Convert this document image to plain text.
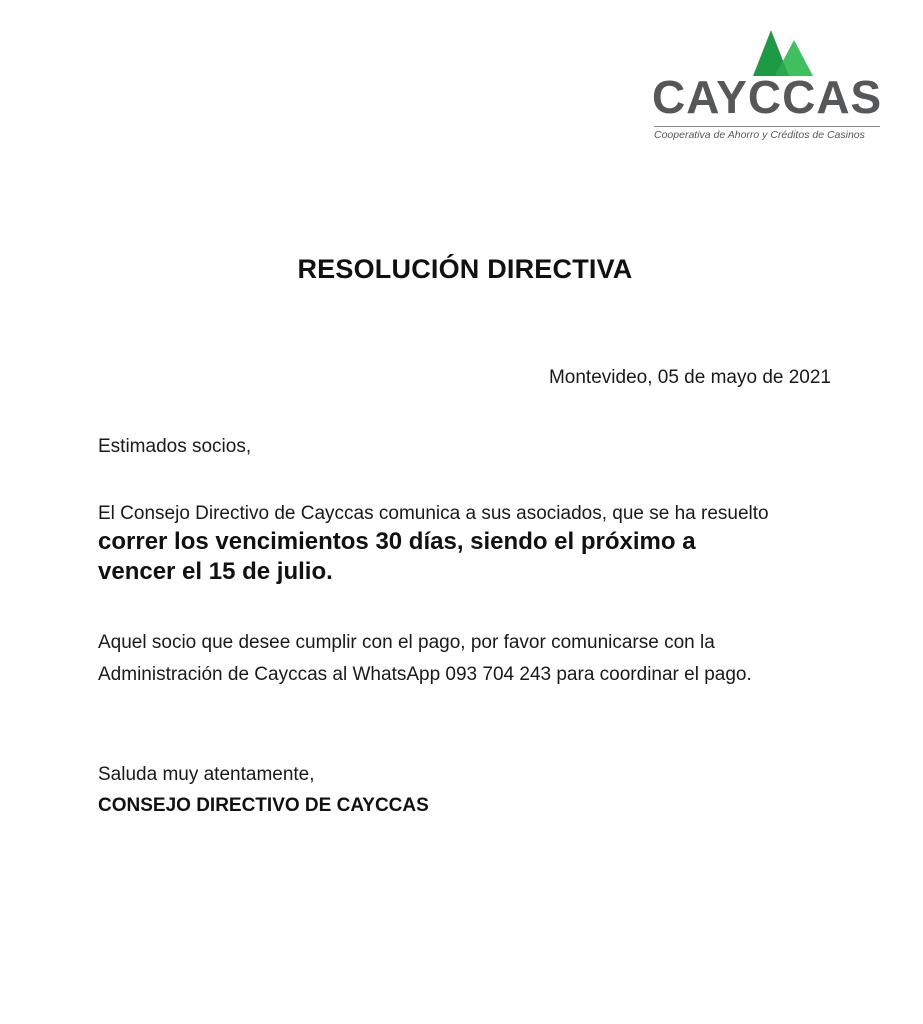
CAYCCAS
Cooperativa de Ahorro y Créditos de Casinos
RESOLUCIÓN DIRECTIVA
Montevideo, 05 de mayo de 2021

Estimados socios,

El Consejo Directivo de Cayccas comunica a sus asociados, que se ha resuelto

correr los vencimientos 30 días, siendo el próximo a
vencer el 15 de julio.

Aquel socio que desee cumplir con el pago, por favor comunicarse con la
Administración de Cayccas al WhatsApp 093 704 243 para coordinar el pago.

Saluda muy atentamente,

CONSEJO DIRECTIVO DE CAYCCAS
